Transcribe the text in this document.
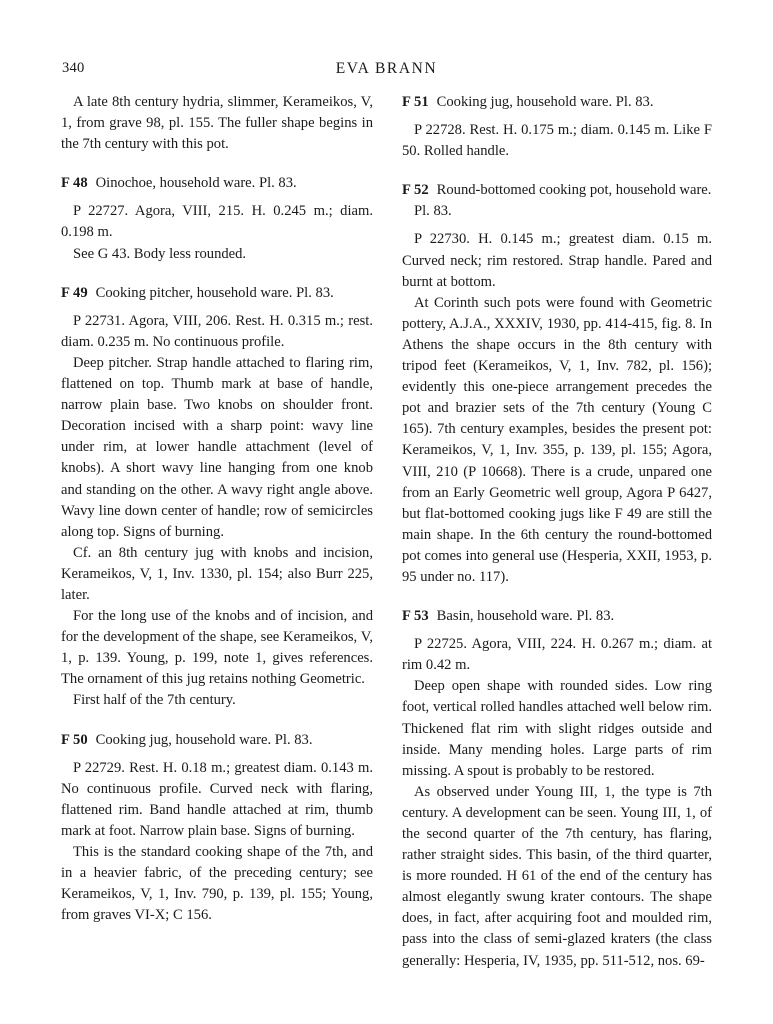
340	EVA BRANN

A late 8th century hydria, slimmer, Kerameikos, V, 1, from grave 98, pl. 155. The fuller shape begins in the 7th century with this pot.

F 48 Oinochoe, household ware. Pl. 83.

P 22727. Agora, VIII, 215. H. 0.245 m.; diam. 0.198 m.

See G 43. Body less rounded.

F 49 Cooking pitcher, household ware. Pl. 83.

P 22731. Agora, VIII, 206. Rest. H. 0.315 m.; rest. diam. 0.235 m. No continuous profile.

Deep pitcher. Strap handle attached to flaring rim, flattened on top. Thumb mark at base of handle, narrow plain base. Two knobs on shoulder front. Decoration incised with a sharp point: wavy line under rim, at lower handle attachment (level of knobs). A short wavy line hanging from one knob and standing on the other. A wavy right angle above. Wavy line down center of handle; row of semicircles along top. Signs of burning.

Cf. an 8th century jug with knobs and incision, Kerameikos, V, 1, Inv. 1330, pl. 154; also Burr 225, later.

For the long use of the knobs and of incision, and for the development of the shape, see Kerameikos, V, 1, p. 139. Young, p. 199, note 1, gives references. The ornament of this jug retains nothing Geometric.

First half of the 7th century.

F 50 Cooking jug, household ware. Pl. 83.

P 22729. Rest. H. 0.18 m.; greatest diam. 0.143 m. No continuous profile. Curved neck with flaring, flattened rim. Band handle attached at rim, thumb mark at foot. Narrow plain base. Signs of burning.

This is the standard cooking shape of the 7th, and in a heavier fabric, of the preceding century; see Kerameikos, V, 1, Inv. 790, p. 139, pl. 155; Young, from graves VI-X; C 156.

F 51 Cooking jug, household ware. Pl. 83.

P 22728. Rest. H. 0.175 m.; diam. 0.145 m. Like F 50. Rolled handle.

F 52 Round-bottomed cooking pot, household ware. Pl. 83.

P 22730. H. 0.145 m.; greatest diam. 0.15 m. Curved neck; rim restored. Strap handle. Pared and burnt at bottom.

At Corinth such pots were found with Geometric pottery, A.J.A., XXXIV, 1930, pp. 414-415, fig. 8. In Athens the shape occurs in the 8th century with tripod feet (Kerameikos, V, 1, Inv. 782, pl. 156); evidently this one-piece arrangement precedes the pot and brazier sets of the 7th century (Young C 165). 7th century examples, besides the present pot: Kerameikos, V, 1, Inv. 355, p. 139, pl. 155; Agora, VIII, 210 (P 10668). There is a crude, unpared one from an Early Geometric well group, Agora P 6427, but flat-bottomed cooking jugs like F 49 are still the main shape. In the 6th century the round-bottomed pot comes into general use (Hesperia, XXII, 1953, p. 95 under no. 117).

F 53 Basin, household ware. Pl. 83.

P 22725. Agora, VIII, 224. H. 0.267 m.; diam. at rim 0.42 m.

Deep open shape with rounded sides. Low ring foot, vertical rolled handles attached well below rim. Thickened flat rim with slight ridges outside and inside. Many mending holes. Large parts of rim missing. A spout is probably to be restored.

As observed under Young III, 1, the type is 7th century. A development can be seen. Young III, 1, of the second quarter of the 7th century, has flaring, rather straight sides. This basin, of the third quarter, is more rounded. H 61 of the end of the century has almost elegantly swung krater contours. The shape does, in fact, after acquiring foot and moulded rim, pass into the class of semi-glazed kraters (the class generally: Hesperia, IV, 1935, pp. 511-512, nos. 69-
